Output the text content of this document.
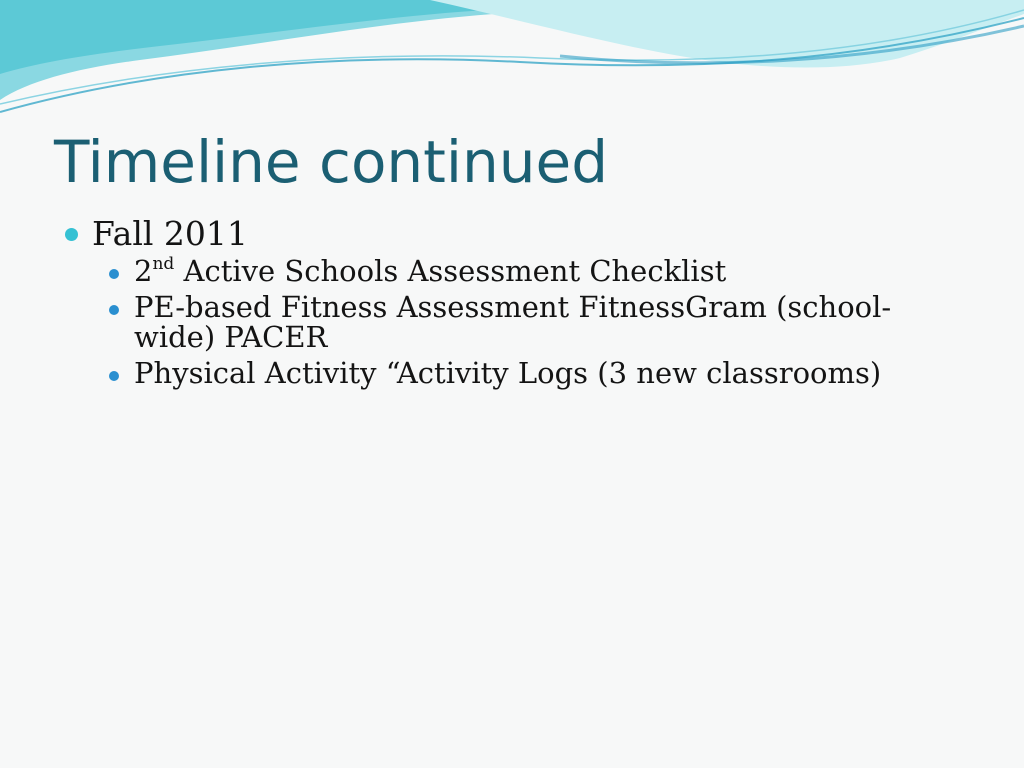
Timeline continued
Fall 2011
2nd Active Schools Assessment Checklist
PE-based Fitness Assessment FitnessGram (school-wide) PACER
Physical Activity “Activity Logs (3 new classrooms)
